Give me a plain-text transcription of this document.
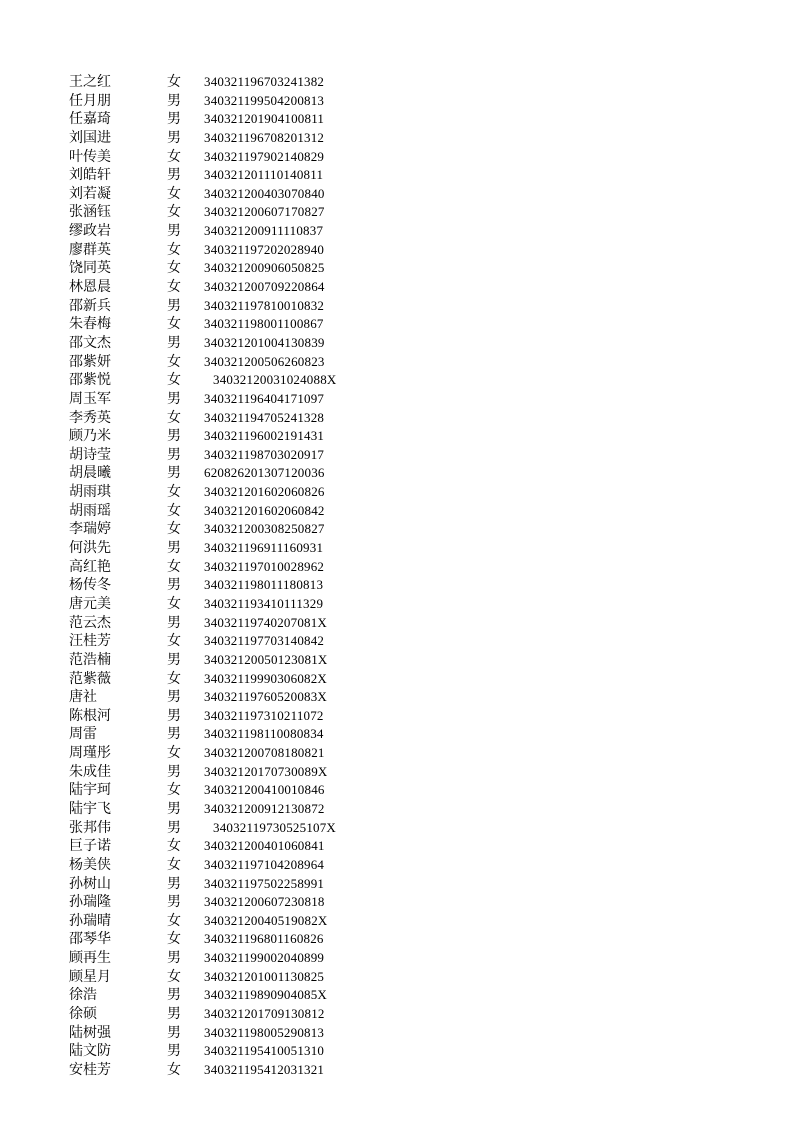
王之红	女 340321196703241382
任月朋	男 340321199504200813
任嘉琦	男 340321201904100811
刘国进	男 340321196708201312
叶传美	女 340321197902140829
刘皓轩	男 340321201110140811
刘若凝	女 340321200403070840
张涵钰	女 340321200607170827
缪政岩	男 340321200911110837
廖群英	女 340321197202028940
饶同英	女 340321200906050825
林恩晨	女 340321200709220864
邵新兵	男 340321197810010832
朱春梅	女 340321198001100867
邵文杰	男 340321201004130839
邵紫妍	女 340321200506260823
邵紫悦	女 34032120031024088X
周玉军	男 340321196404171097
李秀英	女 340321194705241328
顾乃米	男 340321196002191431
胡诗莹	男 340321198703020917
胡晨曦	男 620826201307120036
胡雨琪	女 340321201602060826
胡雨瑶	女 340321201602060842
李瑞婷	女 340321200308250827
何洪先	男 340321196911160931
高红艳	女 340321197010028962
杨传冬	男 340321198011180813
唐元美	女 340321193410111329
范云杰	男 34032119740207081X
汪桂芳	女 340321197703140842
范浩楠	男 34032120050123081X
范紫薇	女 34032119990306082X
唐社	男 34032119760520083X
陈根河	男 340321197310211072
周雷	男 340321198110080834
周瑾彤	女 340321200708180821
朱成佳	男 34032120170730089X
陆宇珂	女 340321200410010846
陆宇飞	男 340321200912130872
张邦伟	男 34032119730525107X
巨子诺	女 340321200401060841
杨美侠	女 340321197104208964
孙树山	男 340321197502258991
孙瑞隆	男 340321200607230818
孙瑞晴	女 34032120040519082X
邵琴华	女 340321196801160826
顾再生	男 340321199002040899
顾星月	女 340321201001130825
徐浩	男 34032119890904085X
徐硕	男 340321201709130812
陆树强	男 340321198005290813
陆文防	男 340321195410051310
安桂芳	女 340321195412031321
